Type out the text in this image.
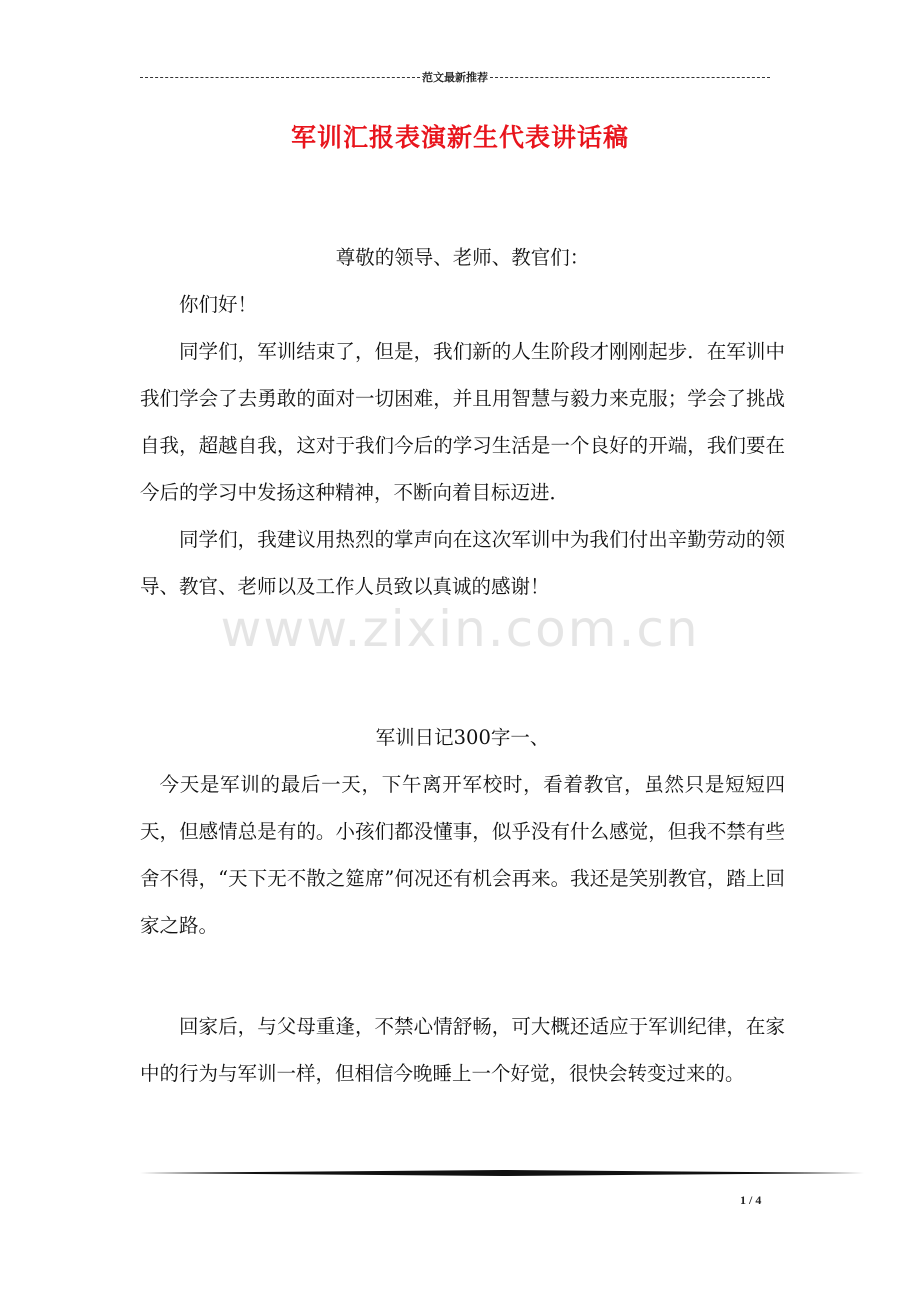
范文最新推荐
军训汇报表演新生代表讲话稿
www.zixin.com.cn

尊敬的领导、老师、教官们：

你们好！

同学们，军训结束了，但是，我们新的人生阶段才刚刚起步．在军训中我们学会了去勇敢的面对一切困难，并且用智慧与毅力来克服；学会了挑战自我，超越自我，这对于我们今后的学习生活是一个良好的开端，我们要在今后的学习中发扬这种精神，不断向着目标迈进．

同学们，我建议用热烈的掌声向在这次军训中为我们付出辛勤劳动的领导、教官、老师以及工作人员致以真诚的感谢！

军训日记300字一、

今天是军训的最后一天，下午离开军校时，看着教官，虽然只是短短四天，但感情总是有的。小孩们都没懂事，似乎没有什么感觉，但我不禁有些舍不得，“天下无不散之筵席”何况还有机会再来。我还是笑别教官，踏上回家之路。

回家后，与父母重逢，不禁心情舒畅，可大概还适应于军训纪律，在家中的行为与军训一样，但相信今晚睡上一个好觉，很快会转变过来的。

1 / 4
